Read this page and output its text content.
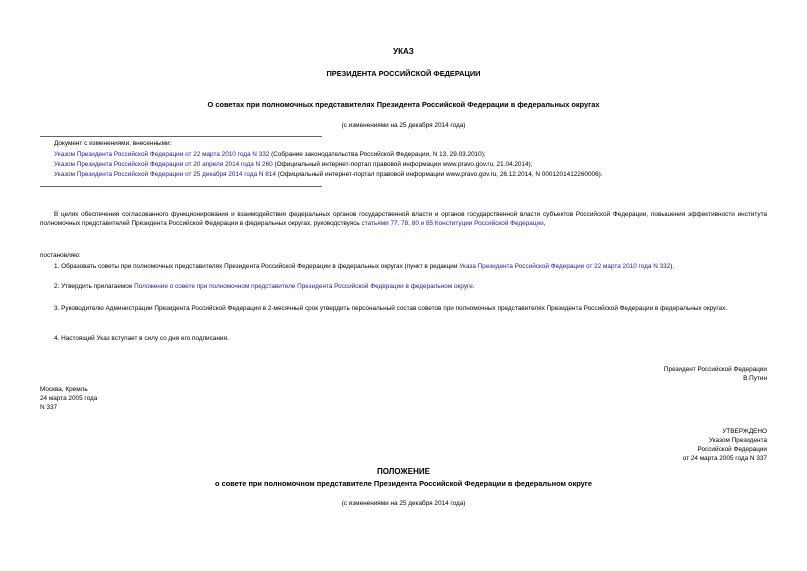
УКАЗ
ПРЕЗИДЕНТА РОССИЙСКОЙ ФЕДЕРАЦИИ
О советах при полномочных представителях Президента Российской Федерации в федеральных округах
(с изменениями на 25 декабря 2014 года)
Документ с изменениями, внесенными:
Указом Президента Российской Федерации от 22 марта 2010 года N 332 (Собрание законодательства Российской Федерации, N 13, 29.03.2010);
Указом Президента Российской Федерации от 20 апреля 2014 года N 260 (Официальный интернет-портал правовой информации www.pravo.gov.ru, 21.04.2014);
Указом Президента Российской Федерации от 25 декабря 2014 года N 814 (Официальный интернет-портал правовой информации www.pravo.gov.ru, 26.12.2014, N 0001201412260006).
В целях обеспечения согласованного функционирования и взаимодействия федеральных органов государственной власти и органов государственной власти субъектов Российской Федерации, повышения эффективности института полномочных представителей Президента Российской Федерации в федеральных округах, руководствуясь статьями 77, 78, 80 и 85 Конституции Российской Федерации,
постановляю:
1. Образовать советы при полномочных представителях Президента Российской Федерации в федеральных округах (пункт в редакции Указа Президента Российской Федерации от 22 марта 2010 года N 332).
2. Утвердить прилагаемое Положение о совете при полномочном представителе Президента Российской Федерации в федеральном округе.
3. Руководителю Администрации Президента Российской Федерации в 2-месячный срок утвердить персональный состав советов при полномочных представителях Президента Российской Федерации в федеральных округах.
4. Настоящий Указ вступает в силу со дня его подписания.
Президент Российской Федерации
В.Путин
Москва, Кремль
24 марта 2005 года
N 337
УТВЕРЖДЕНО
Указом Президента
Российской Федерации
от 24 марта 2005 года N 337
ПОЛОЖЕНИЕ
о совете при полномочном представителе Президента Российской Федерации в федеральном округе
(с изменениями на 25 декабря 2014 года)
